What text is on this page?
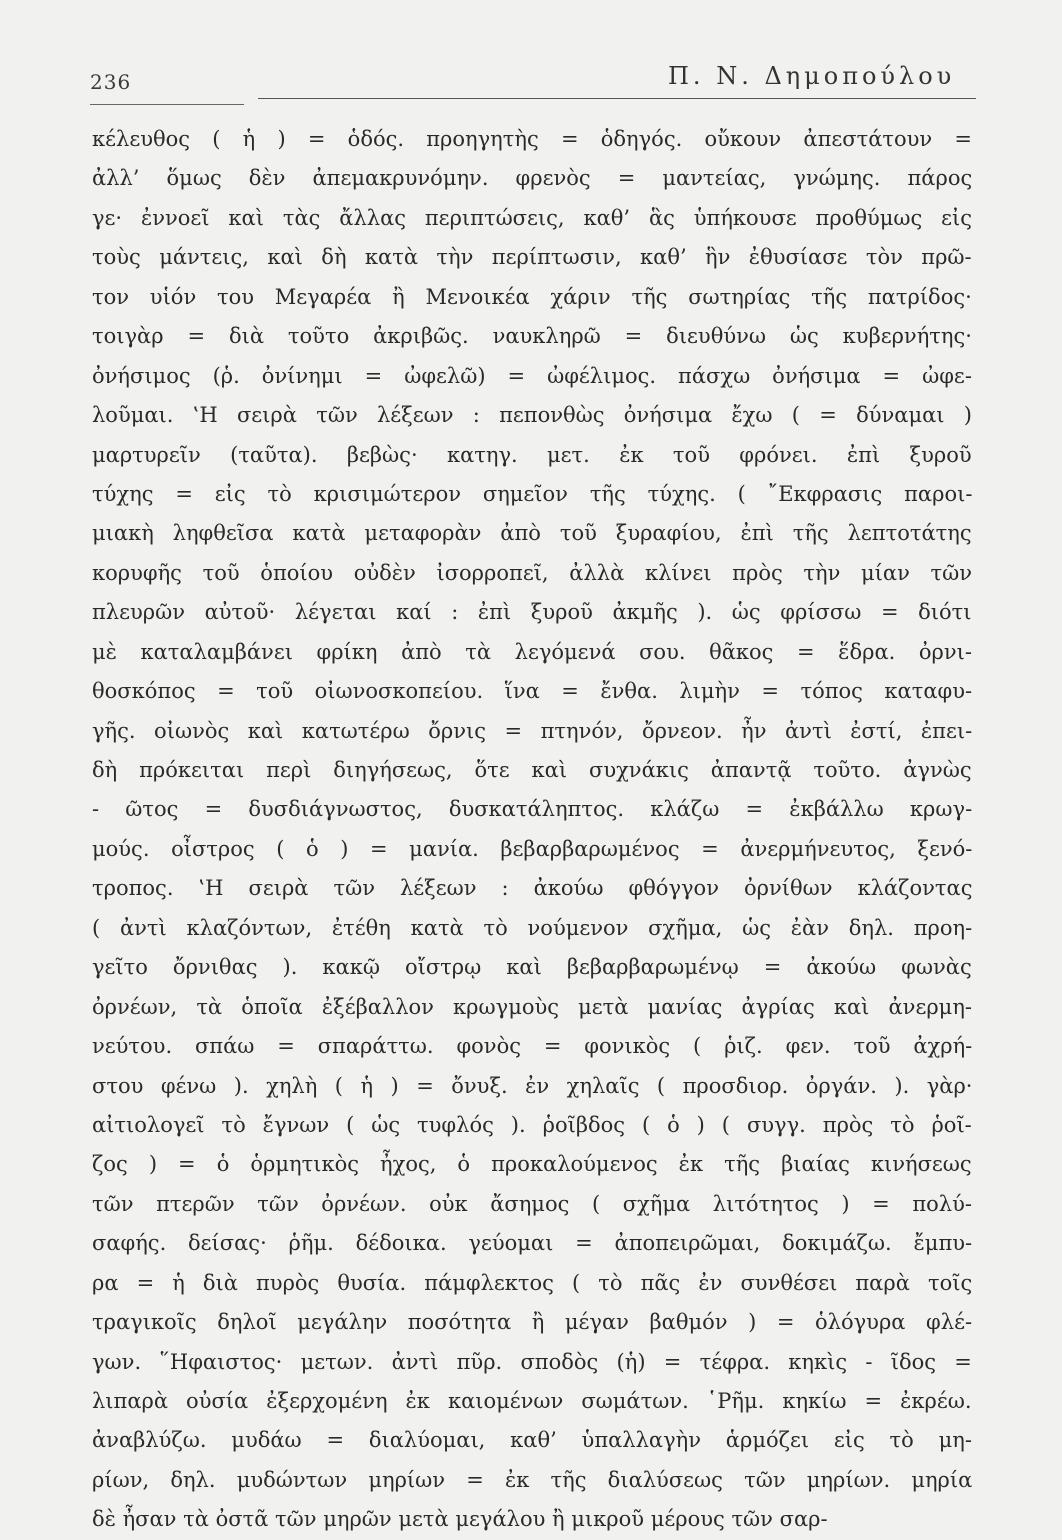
236	Π. Ν. Δημοπούλου
κέλευθος ( ἡ ) = ὁδός. προηγητὴς = ὁδηγός. οὔκουν ἀπεστάτουν =
ἀλλ’ ὅμως δὲν ἀπεμακρυνόμην. φρενὸς = μαντείας, γνώμης. πάρος
γε· ἐννοεῖ καὶ τὰς ἄλλας περιπτώσεις, καθ’ ἃς ὑπήκουσε προθύμως εἰς
τοὺς μάντεις, καὶ δὴ κατὰ τὴν περίπτωσιν, καθ’ ἣν ἐθυσίασε τὸν πρῶ-
τον υἱόν του Μεγαρέα ἢ Μενοικέα χάριν τῆς σωτηρίας τῆς πατρίδος·
τοιγὰρ = διὰ τοῦτο ἀκριβῶς. ναυκληρῶ = διευθύνω ὡς κυβερνήτης·
ὀνήσιμος (ῥ. ὀνίνημι = ὠφελῶ) = ὠφέλιμος. πάσχω ὀνήσιμα = ὠφε-
λοῦμαι. ‛Η σειρὰ τῶν λέξεων : πεπονθὼς ὀνήσιμα ἔχω ( = δύναμαι )
μαρτυρεῖν (ταῦτα). βεβὼς· κατηγ. μετ. ἐκ τοῦ φρόνει. ἐπὶ ξυροῦ
τύχης = εἰς τὸ κρισιμώτερον σημεῖον τῆς τύχης. ( ῎Εκφρασις παροι-
μιακὴ ληφθεῖσα κατὰ μεταφορὰν ἀπὸ τοῦ ξυραφίου, ἐπὶ τῆς λεπτοτάτης
κορυφῆς τοῦ ὁποίου οὐδὲν ἰσορροπεῖ, ἀλλὰ κλίνει πρὸς τὴν μίαν τῶν
πλευρῶν αὐτοῦ· λέγεται καί : ἐπὶ ξυροῦ ἀκμῆς ). ὡς φρίσσω = διότι
μὲ καταλαμβάνει φρίκη ἀπὸ τὰ λεγόμενά σου. θᾶκος = ἕδρα. ὀρνι-
θοσκόπος = τοῦ οἰωνοσκοπείου. ἵνα = ἔνθα. λιμὴν = τόπος καταφυ-
γῆς. οἰωνὸς καὶ κατωτέρω ὄρνις = πτηνόν, ὄρνεον. ἦν ἀντὶ ἐστί, ἐπει-
δὴ πρόκειται περὶ διηγήσεως, ὅτε καὶ συχνάκις ἀπαντᾷ τοῦτο. ἀγνὼς
- ῶτος = δυσδιάγνωστος, δυσκατάληπτος. κλάζω = ἐκβάλλω κρωγ-
μούς. οἶστρος ( ὁ ) = μανία. βεβαρβαρωμένος = ἀνερμήνευτος, ξενό-
τροπος. ‛Η σειρὰ τῶν λέξεων : ἀκούω φθόγγον ὀρνίθων κλάζοντας
( ἀντὶ κλαζόντων, ἐτέθη κατὰ τὸ νούμενον σχῆμα, ὡς ἐὰν δηλ. προη-
γεῖτο ὄρνιθας ). κακῷ οἴστρῳ καὶ βεβαρβαρωμένῳ = ἀκούω φωνὰς
ὀρνέων, τὰ ὁποῖα ἐξέβαλλον κρωγμοὺς μετὰ μανίας ἀγρίας καὶ ἀνερμη-
νεύτου. σπάω = σπαράττω. φονὸς = φονικὸς ( ῥιζ. φεν. τοῦ ἀχρή-
στου φένω ). χηλὴ ( ἡ ) = ὄνυξ. ἐν χηλαῖς ( προσδιορ. ὀργάν. ). γὰρ·
αἰτιολογεῖ τὸ ἔγνων ( ὡς τυφλός ). ῥοῖβδος ( ὁ ) ( συγγ. πρὸς τὸ ῥοῖ-
ζος ) = ὁ ὁρμητικὸς ἦχος, ὁ προκαλούμενος ἐκ τῆς βιαίας κινήσεως
τῶν πτερῶν τῶν ὀρνέων. οὐκ ἄσημος ( σχῆμα λιτότητος ) = πολύ-
σαφής. δείσας· ῥῆμ. δέδοικα. γεύομαι = ἀποπειρῶμαι, δοκιμάζω. ἔμπυ-
ρα = ἡ διὰ πυρὸς θυσία. πάμφλεκτος ( τὸ πᾶς ἐν συνθέσει παρὰ τοῖς
τραγικοῖς δηλοῖ μεγάλην ποσότητα ἢ μέγαν βαθμόν ) = ὁλόγυρα φλέ-
γων. ῞Ηφαιστος· μετων. ἀντὶ πῦρ. σποδὸς (ἡ) = τέφρα. κηκὶς - ῖδος =
λιπαρὰ οὐσία ἐξερχομένη ἐκ καιομένων σωμάτων. ῾Ρῆμ. κηκίω = ἐκρέω.
ἀναβλύζω. μυδάω = διαλύομαι, καθ’ ὑπαλλαγὴν ἁρμόζει εἰς τὸ μη-
ρίων, δηλ. μυδώντων μηρίων = ἐκ τῆς διαλύσεως τῶν μηρίων. μηρία
δὲ ἦσαν τὰ ὀστᾶ τῶν μηρῶν μετὰ μεγάλου ἢ μικροῦ μέρους τῶν σαρ-
